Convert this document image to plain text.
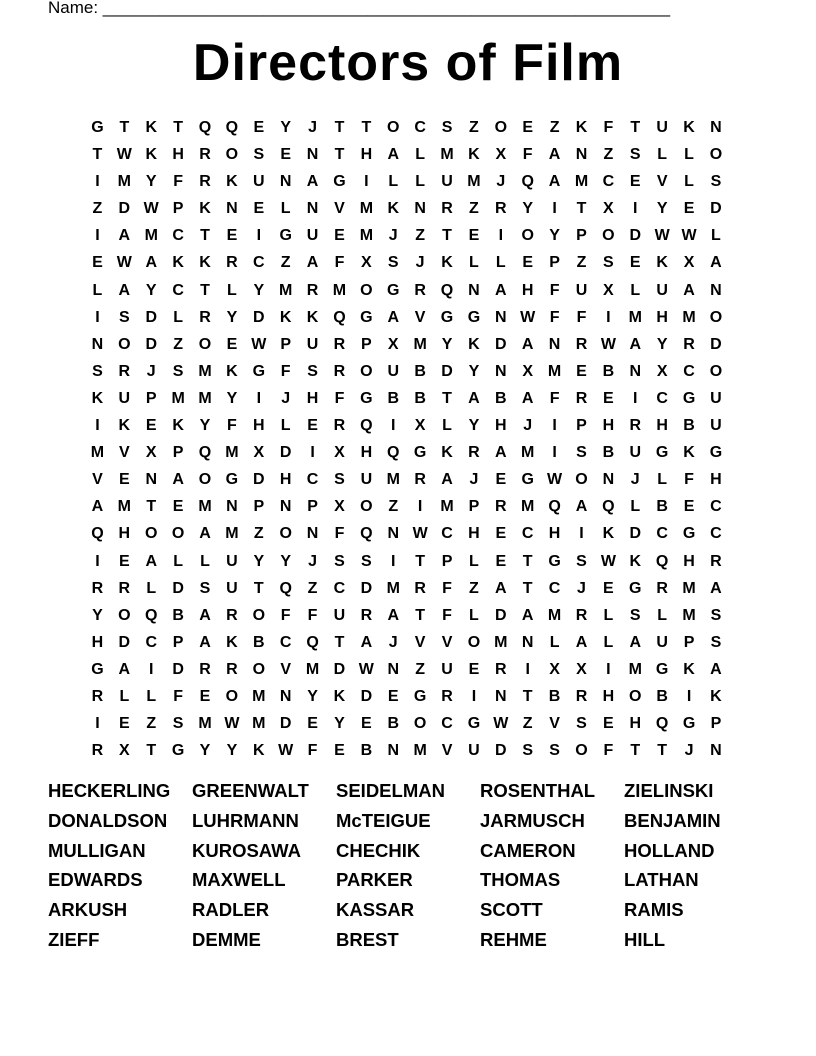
Name: ____________________________________________________________
Directors of Film
G T	K	T Q Q E	Y	J	T	T O C S	Z O E	Z	K	F	T	U K N
T W K H R O S	E N	T	H A	L M K X	F	A N	Z	S	L	L O
I	M Y	F	R K U N A G	I	L	L	U M J	Q A M C E	V	L	S
Z	D W P K N E	L	N V M K N R	Z	R Y	I	T	X	I	Y	E D
I	A M C	T	E	I	G U E M J	Z	T	E	I	O Y	P O D W W L
E W A K K R C	Z	A	F	X	S	J	K	L	L	E	P	Z	S	E K X A
L	A Y C	T	L	Y M R M O G R Q N A H	F	U X	L	U A N
I	S D	L	R Y D K K Q G A V G G N W F	F	I	M H M O
N O D	Z O E W P U R P	X M Y K D A N R W A Y R D
S R	J	S M K G F	S R O U B D Y N X M E B N X C O
K U P M M Y	I	J	H	F G B B	T	A B A	F	R E	I	C G U
I	K E K Y	F	H	L	E R Q	I	X	L	Y H	J	I	P H R H B U
M V	X	P Q M X D	I	X H Q G K R A M	I	S B U G K G
V	E N A O G D H C S U M R A	J	E G W O N	J	L	F	H
A M T	E M N P N P	X O Z	I	M P R M Q A Q L	B E C
Q H O O A M Z O N	F Q N W C H E C H	I	K D C G C
I	E A	L	L	U Y	Y	J	S	S	I	T	P	L	E	T G S W K Q H R
R R	L	D S U	T Q Z	C D M R	F	Z	A	T	C	J	E G R M A
Y O Q B A R O F	F	U R A	T	F	L	D A M R	L	S	L M S
H D C P A K B C Q T	A	J	V	V O M N	L	A	L	A U P	S
G A	I	D R R O V M D W N	Z	U E R	I	X	X	I	M G K A
R	L	L	F	E O M N Y K D E G R	I	N	T	B R H O B	I	K
I	E	Z	S M W M D E	Y	E B O C G W Z	V	S	E H Q G P
R X	T G Y	Y K W F	E B N M V U D S	S O F	T	T	J	N
HECKERLING	GREENWALT	SEIDELMAN	ROSENTHAL	ZIELINSKI
DONALDSON	LUHRMANN	McTEIGUE	JARMUSCH	BENJAMIN
MULLIGAN	KUROSAWA	CHECHIK	CAMERON	HOLLAND
EDWARDS	MAXWELL	PARKER	THOMAS	LATHAN
ARKUSH	RADLER	KASSAR	SCOTT	RAMIS
ZIEFF	DEMME	BREST	REHME	HILL
